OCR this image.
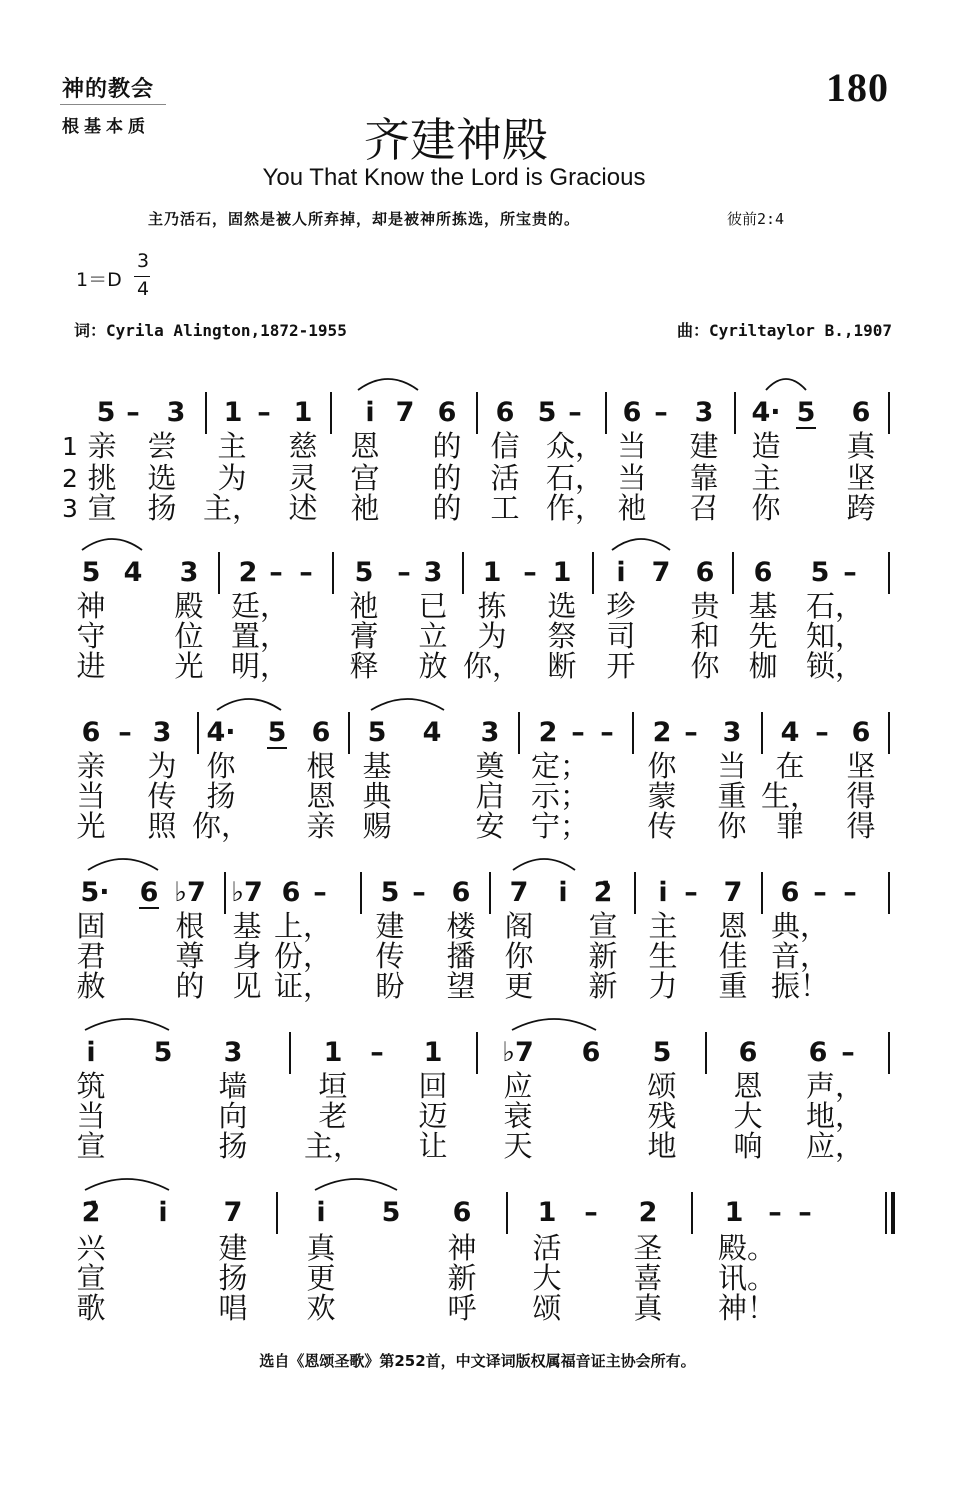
神的教会
根基本质
180
齐建神殿
You That Know the Lord is Gracious
主乃活石，固然是被人所弃掉，却是被神所拣选，所宝贵的。	彼前2:4
1＝D
3
4
词：Cyrila Alington,1872-1955	曲：Cyriltaylor B.,1907
5 – 3 1 – 1 i̇ 7 6 6 5 – 6 – 3 4· 5 6
亲 尝 主 慈 恩 的 信 众， 当 建 造 真
挑 选 为 灵 宫 的 活 石， 当 靠 主 坚
宣 扬 主， 述 祂 的 工 作， 祂 召 你 跨
5 4 3 2 – – 5 – 3 1 – 1 i̇ 7 6 6 5 –
神 殿 廷， 祂 已 拣 选 珍 贵 基 石，
守 位 置， 膏 立 为 祭 司 和 先 知，
进 光 明， 释 放 你， 断 开 你 枷 锁，
6 – 3 4· 5 6 5 4 3 2 – – 2 – 3 4 – 6
亲 为 你 根 基	奠 定； 你 当 在 坚
当 传 扬 恩 典	启 示； 蒙 重 生， 得
光 照 你， 亲 赐	安 宁； 传 你 罪 得
5· 6 ♭7 ♭7 6 – 5 – 6 7 i̇ 2̇ i̇ – 7 6 – –
固 根 基 上， 建 楼 阁 宣 主 恩 典，
君 尊 身 份， 传 播 你 新 生 佳 音，
赦 的 见 证， 盼 望 更 新 力 重 振！
i̇ 5 3	1 – 1 ♭7 6 5 6 6 –
筑	墙 垣 回 应	颂 恩 声，
当	向 老 迈 衰	残 大 地，
宣	扬 主， 让 天	地 响 应，
2̇ i̇ 7	i̇ 5 6 1 – 2 1 – –
兴	建 真	神 活 圣 殿。
宣	扬 更	新 大 喜 讯。
歌	唱 欢	呼 颂 真 神！
1
2
3
选自《恩颂圣歌》第252首，中文译词版权属福音证主协会所有。
